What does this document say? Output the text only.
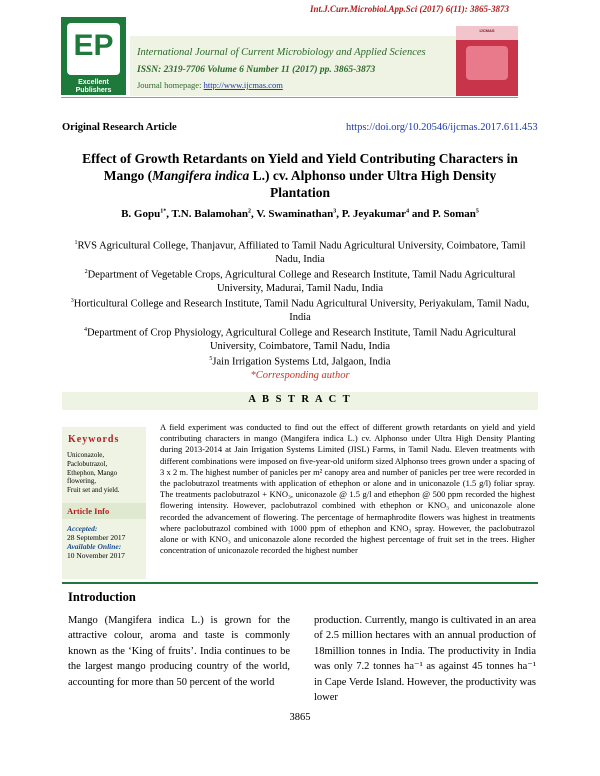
Int.J.Curr.Microbiol.App.Sci (2017) 6(11): 3865-3873
EP
Excellent Publishers
International Journal of Current Microbiology and Applied Sciences
ISSN: 2319-7706 Volume 6 Number 11 (2017) pp. 3865-3873
Journal homepage: http://www.ijcmas.com
IJCMAS
Original Research Article	https://doi.org/10.20546/ijcmas.2017.611.453
Effect of Growth Retardants on Yield and Yield Contributing Characters in Mango (Mangifera indica L.) cv. Alphonso under Ultra High Density Plantation
B. Gopu$^{1*}$, T.N. Balamohan$^2$, V. Swaminathan$^3$, P. Jeyakumar$^4$ and P. Soman$^5$
$^1$RVS Agricultural College, Thanjavur, Affiliated to Tamil Nadu Agricultural University, Coimbatore, Tamil Nadu, India
$^2$Department of Vegetable Crops, Agricultural College and Research Institute, Tamil Nadu Agricultural University, Madurai, Tamil Nadu, India
$^3$Horticultural College and Research Institute, Tamil Nadu Agricultural University, Periyakulam, Tamil Nadu, India
$^4$Department of Crop Physiology, Agricultural College and Research Institute, Tamil Nadu Agricultural University, Coimbatore, Tamil Nadu, India
$^5$Jain Irrigation Systems Ltd, Jalgaon, India
*Corresponding author
A B S T R A C T
Keywords
Uniconazole,
Paclobutrazol,
Ethephon, Mango
flowering,
Fruit set and yield.
Article Info
Accepted:
28 September 2017
Available Online:
10 November 2017
A field experiment was conducted to find out the effect of different growth retardants on yield and yield contributing characters in mango (Mangifera indica L.) cv. Alphonso under Ultra High Density Planting during 2013-2014 at Jain Irrigation Systems Limited (JISL) Farms, in Tamil Nadu. Eleven treatments with different combinations were imposed on five-year-old uniform sized Alphonso trees grown under a spacing of 3 x 2 m. The highest number of panicles per m² canopy area and number of panicles per tree were recorded in the paclobutrazol treatments with application of ethephon or alone and in uniconazole (1.5 g/l) foliar spray. The treatments paclobutrazol + KNO₃, uniconazole @ 1.5 g/l and ethephon @ 500 ppm recorded the highest flowering intensity. However, paclobutrazol combined with ethephon or KNO₃ and uniconazole alone recorded the advancement of flowering. The percentage of hermaphrodite flowers was highest in treatments where paclobutrazol combined with 1000 ppm of ethephon and KNO₃ spray. However, the paclobutrazol alone or with KNO₃ and uniconazole alone recorded the highest percentage of fruit set in the trees. Higher concentration of uniconazole recorded the highest number
Introduction
Mango (Mangifera indica L.) is grown for the attractive colour, aroma and taste is commonly known as the ‘King of fruits’. India continues to be the largest mango producing country of the world, accounting for more than 50 percent of the world
production. Currently, mango is cultivated in an area of 2.5 million hectares with an annual production of 18million tonnes in India. The productivity in India was only 7.2 tonnes ha⁻¹ as against 45 tonnes ha⁻¹ in Cape Verde Island. However, the productivity was lower
3865
